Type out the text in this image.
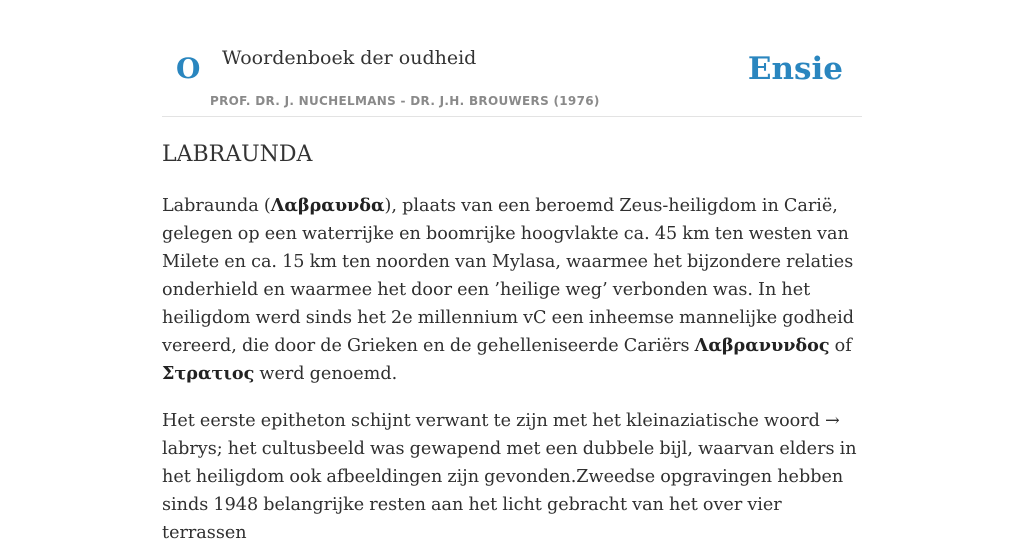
O Woordenboek der oudheid
PROF. DR. J. NUCHELMANS - DR. J.H. BROUWERS (1976)
Ensie
LABRAUNDA

Labraunda (Λαβραυνδα), plaats van een beroemd Zeus-heiligdom in Carië, gelegen op een waterrijke en boomrijke hoogvlakte ca. 45 km ten westen van Milete en ca. 15 km ten noorden van Mylasa, waarmee het bijzondere relaties onderhield en waarmee het door een ’heilige weg’ verbonden was. In het heiligdom werd sinds het 2e millennium vC een inheemse mannelijke godheid vereerd, die door de Grieken en de gehelleniseerde Cariërs Λαβρανυνδος of Στρατιος werd genoemd.

Het eerste epitheton schijnt verwant te zijn met het kleinaziatische woord → labrys; het cultusbeeld was gewapend met een dubbele bijl, waarvan elders in het heiligdom ook afbeeldingen zijn gevonden.Zweedse opgravingen hebben sinds 1948 belangrijke resten aan het licht gebracht van het over vier terrassen
